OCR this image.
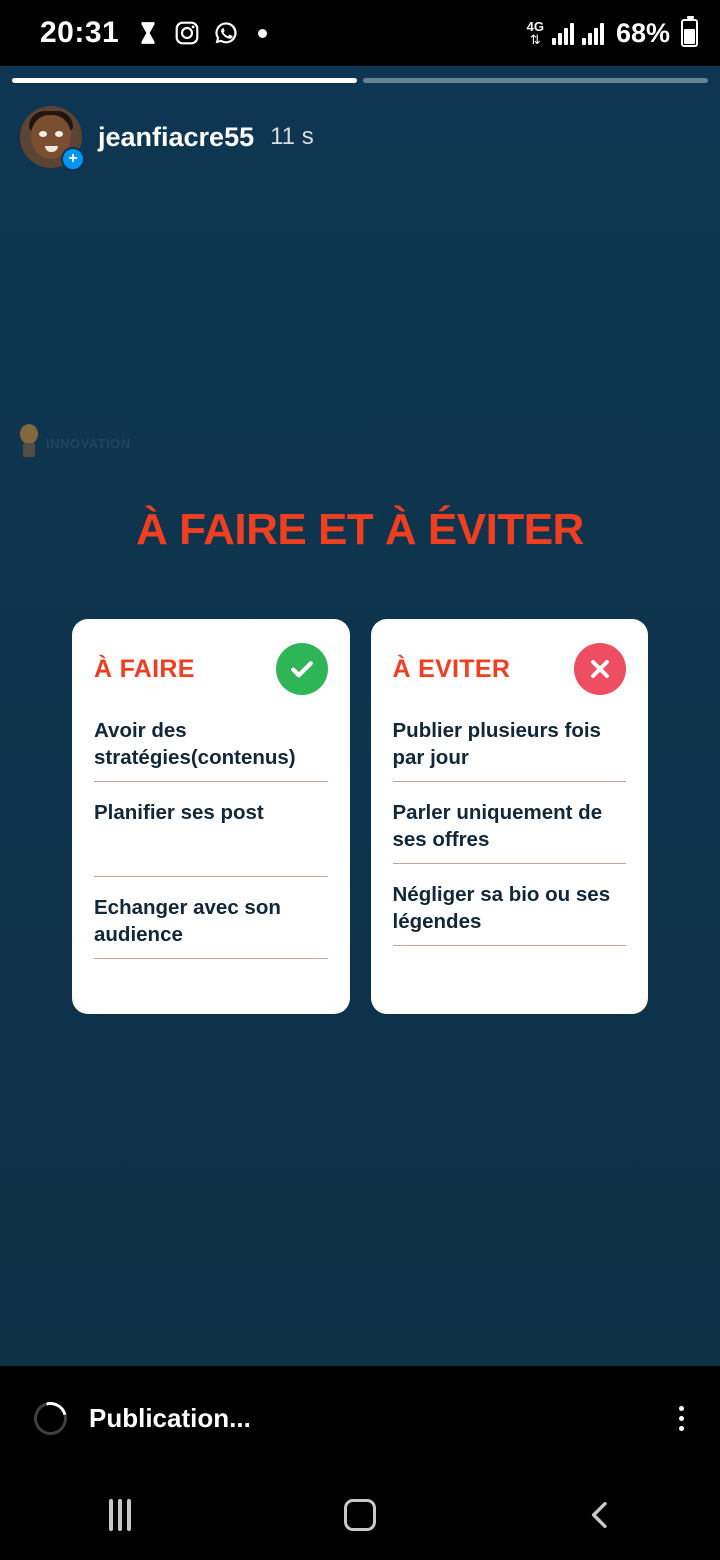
20:31	4G
⇅	68%
+
jeanfiacre55 11 s
INNOVATION
À FAIRE ET À ÉVITER
À FAIRE
Avoir des stratégies(contenus)
Planifier ses post
Echanger avec son audience
À EVITER
Publier plusieurs fois par jour
Parler uniquement de ses offres
Négliger sa bio ou ses légendes
Publication...
